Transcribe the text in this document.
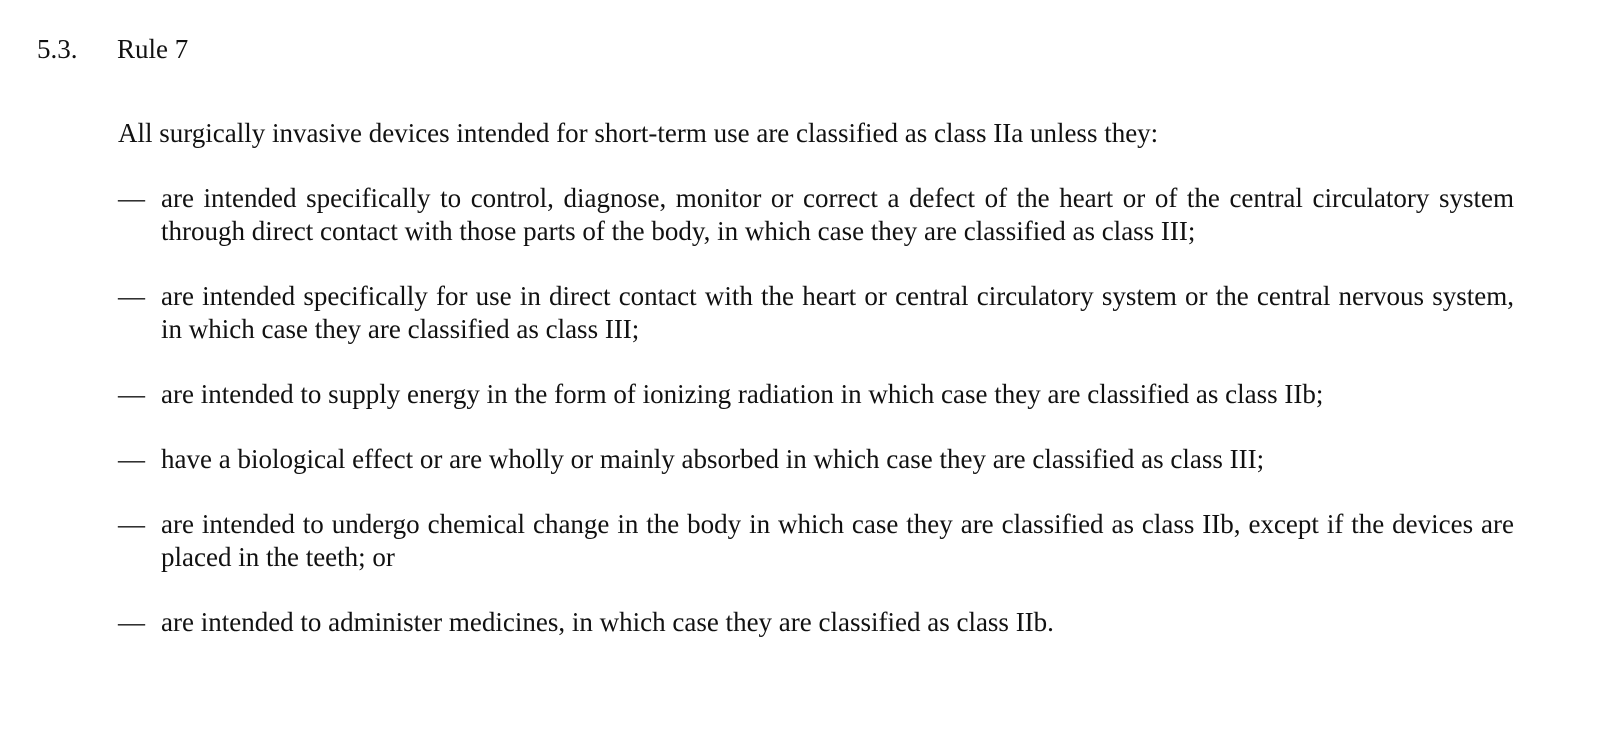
5.3. Rule 7
All surgically invasive devices intended for short-term use are classified as class IIa unless they:
— are intended specifically to control, diagnose, monitor or correct a defect of the heart or of the central circulatory system through direct contact with those parts of the body, in which case they are classified as class III;
— are intended specifically for use in direct contact with the heart or central circulatory system or the central nervous system, in which case they are classified as class III;
— are intended to supply energy in the form of ionizing radiation in which case they are classified as class IIb;
— have a biological effect or are wholly or mainly absorbed in which case they are classified as class III;
— are intended to undergo chemical change in the body in which case they are classified as class IIb, except if the devices are placed in the teeth; or
— are intended to administer medicines, in which case they are classified as class IIb.
